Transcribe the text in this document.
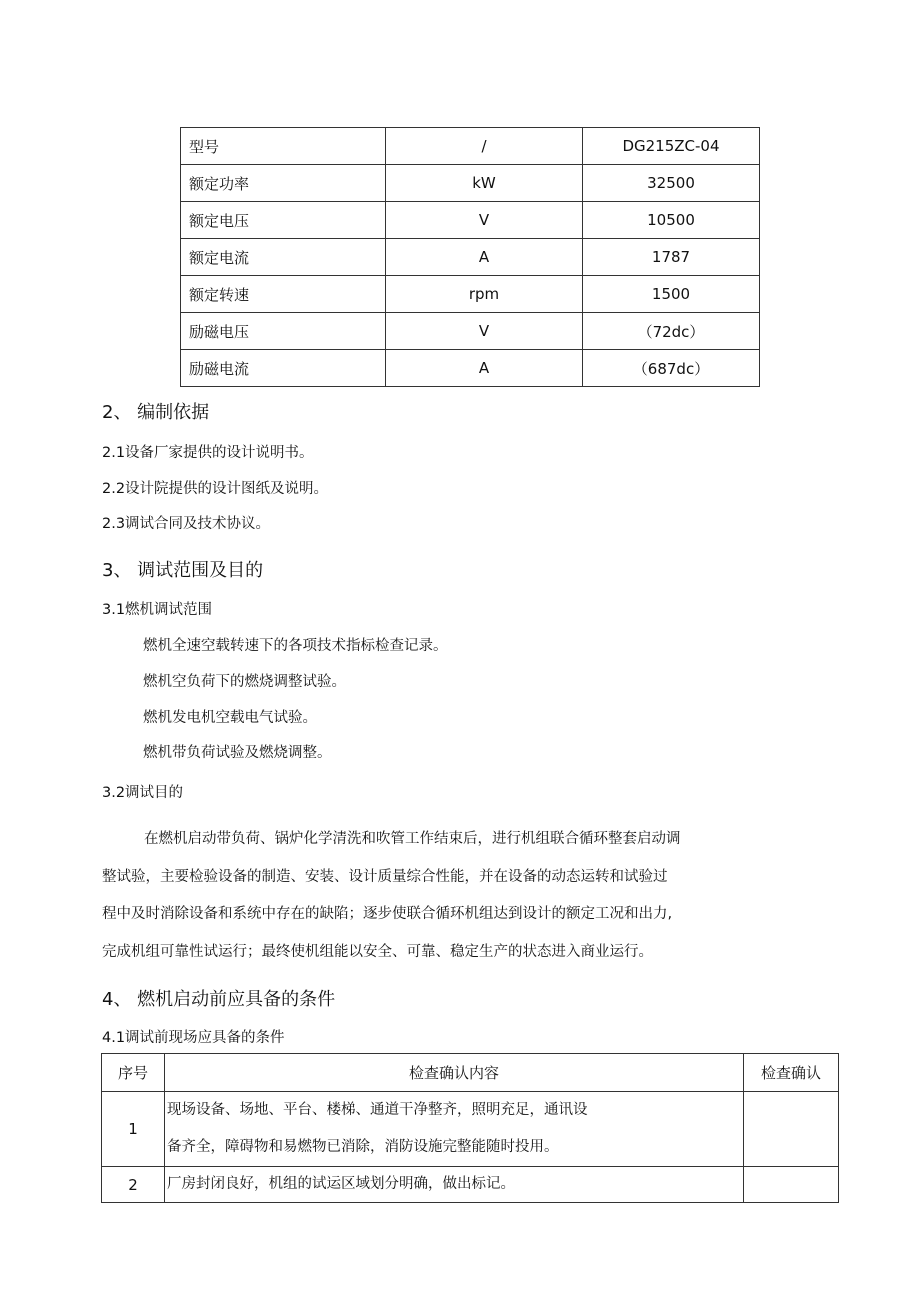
型号	/	DG215ZC-04
额定功率	kW	32500
额定电压	V	10500
额定电流	A	1787
额定转速	rpm	1500
励磁电压	V	（72dc）
励磁电流	A	（687dc）
2、 编制依据
2.1设备厂家提供的设计说明书。
2.2设计院提供的设计图纸及说明。
2.3调试合同及技术协议。
3、 调试范围及目的
3.1燃机调试范围
燃机全速空载转速下的各项技术指标检查记录。
燃机空负荷下的燃烧调整试验。
燃机发电机空载电气试验。
燃机带负荷试验及燃烧调整。
3.2调试目的
在燃机启动带负荷、锅炉化学清洗和吹管工作结束后，进行机组联合循环整套启动调
整试验，主要检验设备的制造、安装、设计质量综合性能，并在设备的动态运转和试验过
程中及时消除设备和系统中存在的缺陷；逐步使联合循环机组达到设计的额定工况和出力,
完成机组可靠性试运行；最终使机组能以安全、可靠、稳定生产的状态进入商业运行。
4、 燃机启动前应具备的条件
4.1调试前现场应具备的条件
序号	检查确认内容	检查确认
1	现场设备、场地、平台、楼梯、通道干净整齐，照明充足，通讯设
备齐全，障碍物和易燃物已消除，消防设施完整能随时投用。	

2	厂房封闭良好，机组的试运区域划分明确，做出标记。	
